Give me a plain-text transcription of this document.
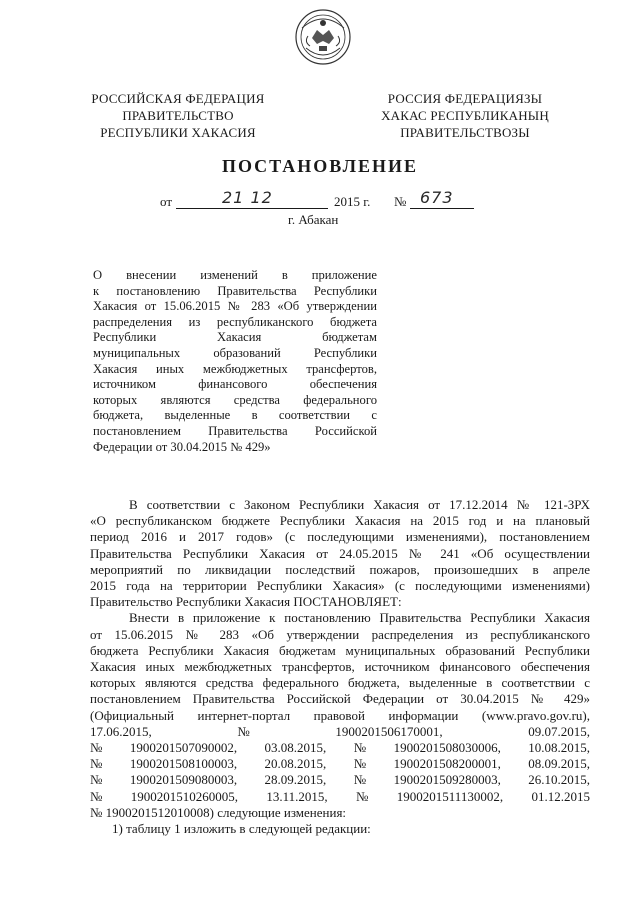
РОССИЙСКАЯ ФЕДЕРАЦИЯ
ПРАВИТЕЛЬСТВО
РЕСПУБЛИКИ ХАКАСИЯ
РОССИЯ ФЕДЕРАЦИЯЗЫ
ХАКАС РЕСПУБЛИКАНЫҢ
ПРАВИТЕЛЬСТВОЗЫ
ПОСТАНОВЛЕНИЕ
от	21 12	2015 г. № 673
г. Абакан
О внесении изменений в приложение
к постановлению Правительства Республики
Хакасия от 15.06.2015 № 283 «Об утверждении
распределения из республиканского бюджета
Республики Хакасия бюджетам
муниципальных образований Республики
Хакасия иных межбюджетных трансфертов,
источником финансового обеспечения
которых являются средства федерального
бюджета, выделенные в соответствии с
постановлением Правительства Российской
Федерации от 30.04.2015 № 429»
В соответствии с Законом Республики Хакасия от 17.12.2014 № 121-ЗРХ
«О республиканском бюджете Республики Хакасия на 2015 год и на плановый
период 2016 и 2017 годов» (с последующими изменениями), постановлением
Правительства Республики Хакасия от 24.05.2015 № 241 «Об осуществлении
мероприятий по ликвидации последствий пожаров, произошедших в апреле
2015 года на территории Республики Хакасия» (с последующими изменениями)
Правительство Республики Хакасия ПОСТАНОВЛЯЕТ:
Внести в приложение к постановлению Правительства Республики Хакасия
от 15.06.2015 № 283 «Об утверждении распределения из республиканского
бюджета Республики Хакасия бюджетам муниципальных образований Республики
Хакасия иных межбюджетных трансфертов, источником финансового обеспечения
которых являются средства федерального бюджета, выделенные в соответствии с
постановлением Правительства Российской Федерации от 30.04.2015 № 429»
(Официальный интернет-портал правовой информации (www.pravo.gov.ru),
17.06.2015,	№	1900201506170001,	09.07.2015,
№ 1900201507090002, 03.08.2015, № 1900201508030006, 10.08.2015,
№ 1900201508100003, 20.08.2015, № 1900201508200001, 08.09.2015,
№ 1900201509080003, 28.09.2015, № 1900201509280003, 26.10.2015,
№ 1900201510260005, 13.11.2015, № 1900201511130002, 01.12.2015
№ 1900201512010008) следующие изменения:
1) таблицу 1 изложить в следующей редакции:
